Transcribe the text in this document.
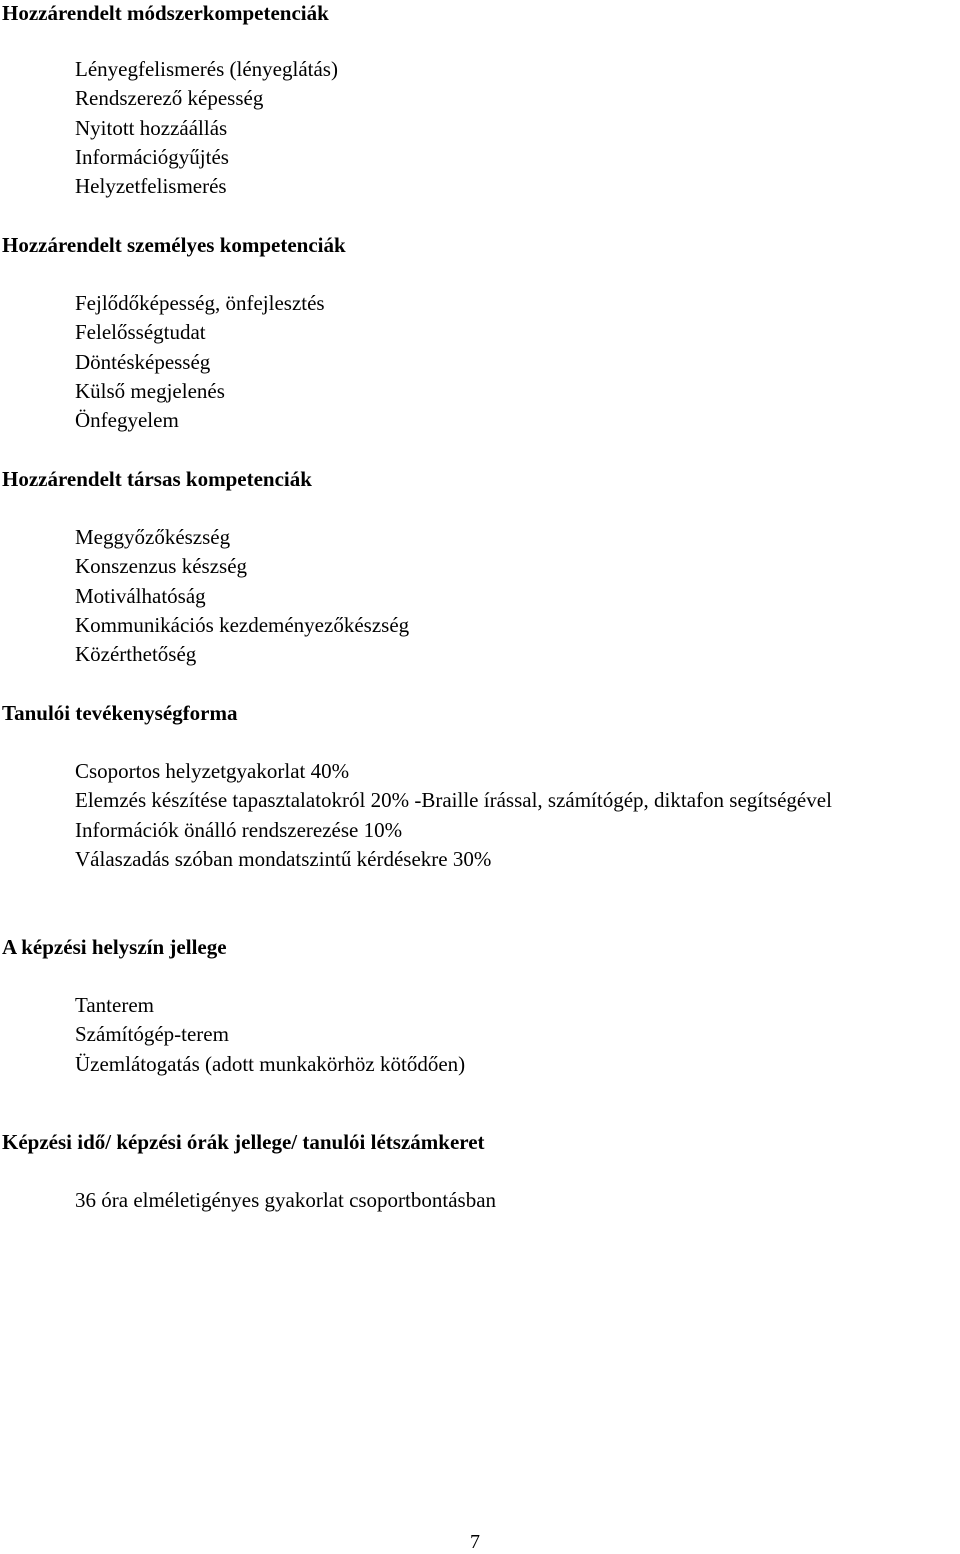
Hozzárendelt módszerkompetenciák
Lényegfelismerés (lényeglátás)
Rendszerező képesség
Nyitott hozzáállás
Információgyűjtés
Helyzetfelismerés
Hozzárendelt személyes kompetenciák
Fejlődőképesség, önfejlesztés
Felelősségtudat
Döntésképesség
Külső megjelenés
Önfegyelem
Hozzárendelt társas kompetenciák
Meggyőzőkészség
Konszenzus készség
Motiválhatóság
Kommunikációs kezdeményezőkészség
Közérthetőség
Tanulói tevékenységforma
Csoportos helyzetgyakorlat 40%
Elemzés készítése tapasztalatokról 20% -Braille írással, számítógép, diktafon segítségével
Információk önálló rendszerezése 10%
Válaszadás szóban mondatszintű kérdésekre 30%
A képzési helyszín jellege
Tanterem
Számítógép-terem
Üzemlátogatás (adott munkakörhöz kötődően)
Képzési idő/ képzési órák jellege/ tanulói létszámkeret
36 óra elméletigényes gyakorlat csoportbontásban
7
